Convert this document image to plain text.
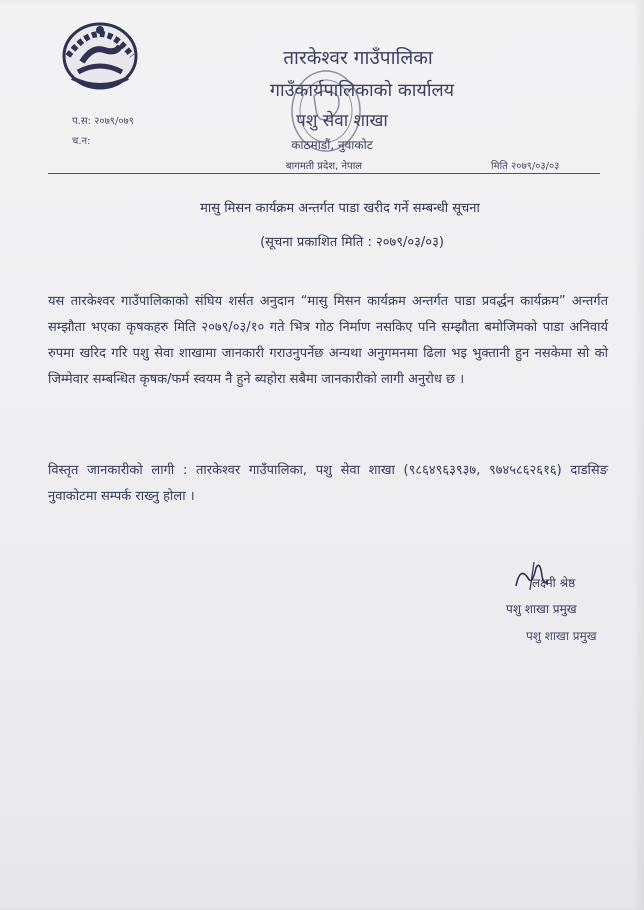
तारकेश्वर गाउँपालिका
गाउँकार्यपालिकाको कार्यालय
पशु सेवा शाखा
काठमाडौं, नुवाकोट
बागमती प्रदेश, नेपाल
प.स: २०७९/०७९
च.न:
मिति २०७९/०३/०३
मासु मिसन कार्यक्रम अन्तर्गत पाडा खरीद गर्ने सम्बन्धी सूचना
(सूचना प्रकाशित मिति : २०७९/०३/०३)
यस तारकेश्वर गाउँपालिकाको संघिय शर्सत अनुदान “मासु मिसन कार्यक्रम अन्तर्गत पाडा प्रवर्द्धन कार्यक्रम” अन्तर्गत सम्झौता भएका कृषकहरु मिति २०७९/०३/१० गते भित्र गोठ निर्माण नसकिए पनि सम्झौता बमोजिमको पाडा अनिवार्य रुपमा खरिद गरि पशु सेवा शाखामा जानकारी गराउनुपर्नेछ अन्यथा अनुगमनमा ढिला भइ भुक्तानी हुन नसकेमा सो को जिम्मेवार सम्बन्धित कृषक/फर्म स्वयम नै हुने ब्यहोरा सबैमा जानकारीको लागी अनुरोध छ ।
विस्तृत जानकारीको लागी : तारकेश्वर गाउँपालिका, पशु सेवा शाखा (९८६४९६३९३७, ९७४५८६२६१६) दाडसिङ नुवाकोटमा सम्पर्क राख्नु होला ।
लक्ष्मी श्रेष्ठ
पशु शाखा प्रमुख
पशु शाखा प्रमुख
